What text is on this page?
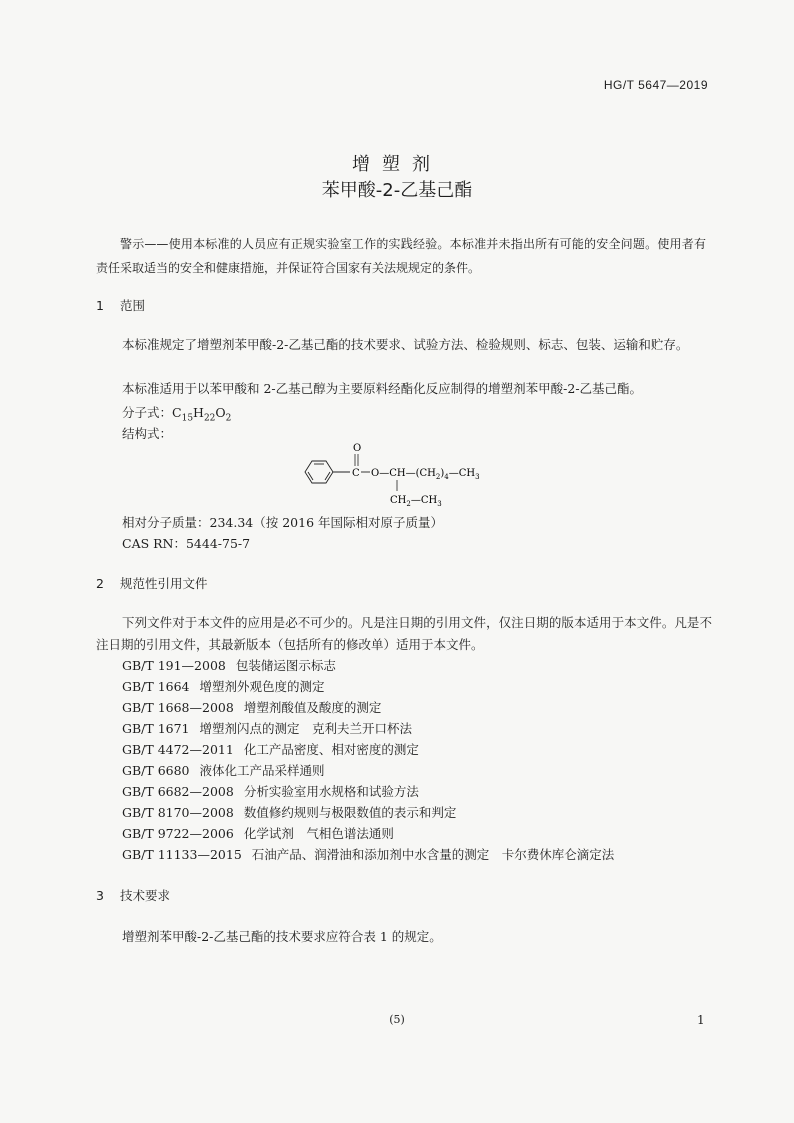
HG/T 5647—2019
增塑剂
苯甲酸-2-乙基己酯
警示——使用本标准的人员应有正规实验室工作的实践经验。本标准并未指出所有可能的安全问题。使用者有责任采取适当的安全和健康措施，并保证符合国家有关法规规定的条件。
1 范围
本标准规定了增塑剂苯甲酸-2-乙基己酯的技术要求、试验方法、检验规则、标志、包装、运输和贮存。
本标准适用于以苯甲酸和 2-乙基己醇为主要原料经酯化反应制得的增塑剂苯甲酸-2-乙基己酯。
分子式：$C_{15}H_{22}O_2$
结构式：
O
C $O—CH—(CH_2)_4—CH_3$
$CH_2—CH_3$
相对分子质量：234.34（按 2016 年国际相对原子质量）
CAS RN：5444-75-7
2 规范性引用文件
下列文件对于本文件的应用是必不可少的。凡是注日期的引用文件，仅注日期的版本适用于本文件。凡是不注日期的引用文件，其最新版本（包括所有的修改单）适用于本文件。
GB/T 191—2008 包装储运图示标志
GB/T 1664 增塑剂外观色度的测定
GB/T 1668—2008 增塑剂酸值及酸度的测定
GB/T 1671 增塑剂闪点的测定　克利夫兰开口杯法
GB/T 4472—2011 化工产品密度、相对密度的测定
GB/T 6680 液体化工产品采样通则
GB/T 6682—2008 分析实验室用水规格和试验方法
GB/T 8170—2008 数值修约规则与极限数值的表示和判定
GB/T 9722—2006 化学试剂　气相色谱法通则
GB/T 11133—2015 石油产品、润滑油和添加剂中水含量的测定　卡尔费休库仑滴定法
3 技术要求
增塑剂苯甲酸-2-乙基己酯的技术要求应符合表 1 的规定。
(5)	1
